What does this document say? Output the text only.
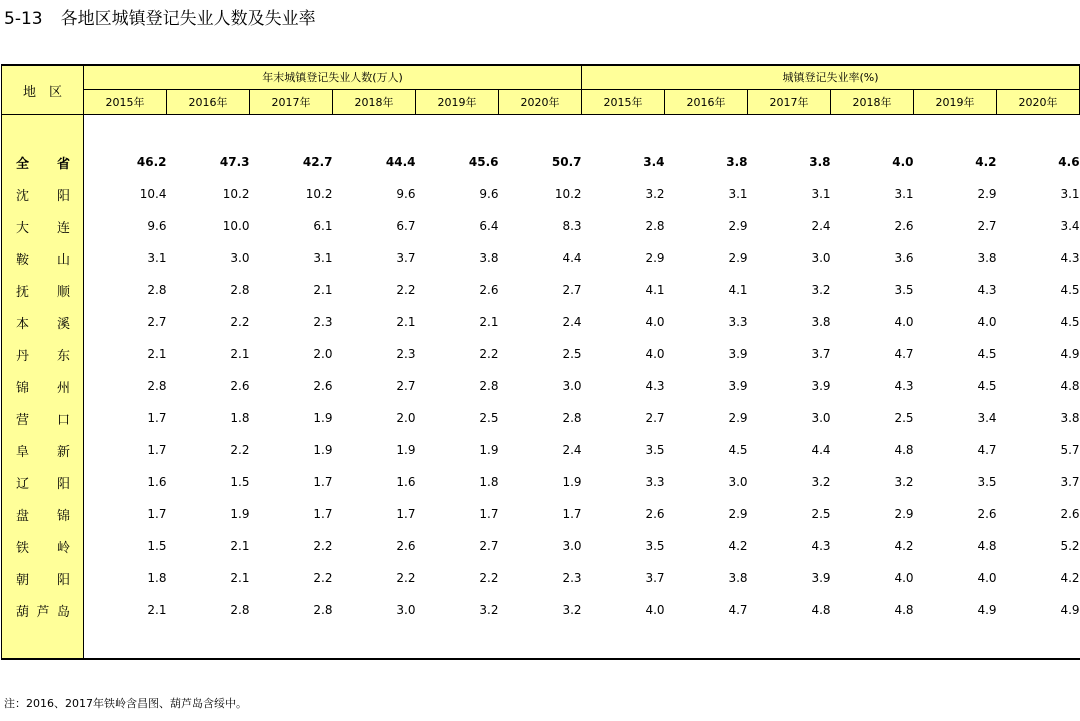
5-13 各地区城镇登记失业人数及失业率
地　区	年末城镇登记失业人数(万人)						城镇登记失业率(%)					
	2015年	2016年	2017年	2018年	2019年	2020年	2015年	2016年	2017年	2018年	2019年	2020年

全 省	46.2	47.3	42.7	44.4	45.6	50.7	3.4	3.8	3.8	4.0	4.2	4.6

沈 阳	10.4	10.2	10.2	9.6	9.6	10.2	3.2	3.1	3.1	3.1	2.9	3.1

大 连	9.6	10.0	6.1	6.7	6.4	8.3	2.8	2.9	2.4	2.6	2.7	3.4

鞍 山	3.1	3.0	3.1	3.7	3.8	4.4	2.9	2.9	3.0	3.6	3.8	4.3

抚 顺	2.8	2.8	2.1	2.2	2.6	2.7	4.1	4.1	3.2	3.5	4.3	4.5

本 溪	2.7	2.2	2.3	2.1	2.1	2.4	4.0	3.3	3.8	4.0	4.0	4.5

丹 东	2.1	2.1	2.0	2.3	2.2	2.5	4.0	3.9	3.7	4.7	4.5	4.9

锦 州	2.8	2.6	2.6	2.7	2.8	3.0	4.3	3.9	3.9	4.3	4.5	4.8

营 口	1.7	1.8	1.9	2.0	2.5	2.8	2.7	2.9	3.0	2.5	3.4	3.8

阜 新	1.7	2.2	1.9	1.9	1.9	2.4	3.5	4.5	4.4	4.8	4.7	5.7

辽 阳	1.6	1.5	1.7	1.6	1.8	1.9	3.3	3.0	3.2	3.2	3.5	3.7

盘 锦	1.7	1.9	1.7	1.7	1.7	1.7	2.6	2.9	2.5	2.9	2.6	2.6

铁 岭	1.5	2.1	2.2	2.6	2.7	3.0	3.5	4.2	4.3	4.2	4.8	5.2

朝 阳	1.8	2.1	2.2	2.2	2.2	2.3	3.7	3.8	3.9	4.0	4.0	4.2

葫 芦 岛	2.1	2.8	2.8	3.0	3.2	3.2	4.0	4.7	4.8	4.8	4.9	4.9

注：2016、2017年铁岭含昌图、葫芦岛含绥中。
